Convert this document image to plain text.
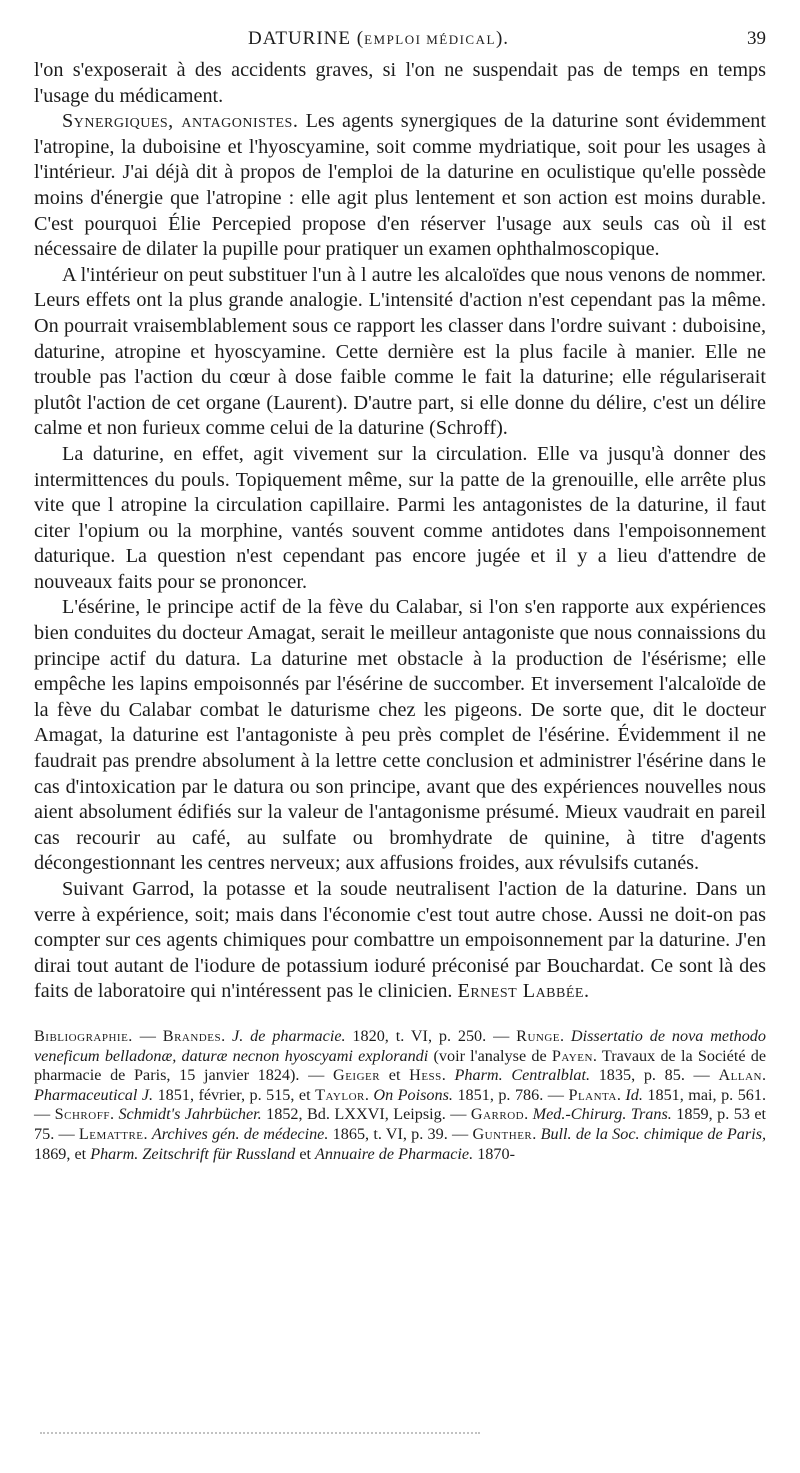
DATURINE (EMPLOI MÉDICAL).	39

l'on s'exposerait à des accidents graves, si l'on ne suspendait pas de temps en temps l'usage du médicament.

Synergiques, antagonistes. Les agents synergiques de la daturine sont évidemment l'atropine, la duboisine et l'hyoscyamine, soit comme mydriatique, soit pour les usages à l'intérieur. J'ai déjà dit à propos de l'emploi de la daturine en oculistique qu'elle possède moins d'énergie que l'atropine : elle agit plus lentement et son action est moins durable. C'est pourquoi Élie Percepied propose d'en réserver l'usage aux seuls cas où il est nécessaire de dilater la pupille pour pratiquer un examen ophthalmoscopique.

A l'intérieur on peut substituer l'un à l autre les alcaloïdes que nous venons de nommer. Leurs effets ont la plus grande analogie. L'intensité d'action n'est cependant pas la même. On pourrait vraisemblablement sous ce rapport les classer dans l'ordre suivant : duboisine, daturine, atropine et hyoscyamine. Cette dernière est la plus facile à manier. Elle ne trouble pas l'action du cœur à dose faible comme le fait la daturine; elle régulariserait plutôt l'action de cet organe (Laurent). D'autre part, si elle donne du délire, c'est un délire calme et non furieux comme celui de la daturine (Schroff).

La daturine, en effet, agit vivement sur la circulation. Elle va jusqu'à donner des intermittences du pouls. Topiquement même, sur la patte de la grenouille, elle arrête plus vite que l atropine la circulation capillaire. Parmi les antagonistes de la daturine, il faut citer l'opium ou la morphine, vantés souvent comme antidotes dans l'empoisonnement daturique. La question n'est cependant pas encore jugée et il y a lieu d'attendre de nouveaux faits pour se prononcer.

L'ésérine, le principe actif de la fève du Calabar, si l'on s'en rapporte aux expériences bien conduites du docteur Amagat, serait le meilleur antagoniste que nous connaissions du principe actif du datura. La daturine met obstacle à la production de l'ésérisme; elle empêche les lapins empoisonnés par l'ésérine de succomber. Et inversement l'alcaloïde de la fève du Calabar combat le daturisme chez les pigeons. De sorte que, dit le docteur Amagat, la daturine est l'antagoniste à peu près complet de l'ésérine. Évidemment il ne faudrait pas prendre absolument à la lettre cette conclusion et administrer l'ésérine dans le cas d'intoxication par le datura ou son principe, avant que des expériences nouvelles nous aient absolument édifiés sur la valeur de l'antagonisme présumé. Mieux vaudrait en pareil cas recourir au café, au sulfate ou bromhydrate de quinine, à titre d'agents décongestionnant les centres nerveux; aux affusions froides, aux révulsifs cutanés.

Suivant Garrod, la potasse et la soude neutralisent l'action de la daturine. Dans un verre à expérience, soit; mais dans l'économie c'est tout autre chose. Aussi ne doit-on pas compter sur ces agents chimiques pour combattre un empoisonnement par la daturine. J'en dirai tout autant de l'iodure de potassium ioduré préconisé par Bouchardat. Ce sont là des faits de laboratoire qui n'intéressent pas le clinicien. Ernest Labbée.

Bibliographie. — Brandes. J. de pharmacie. 1820, t. VI, p. 250. — Runge. Dissertatio de nova methodo veneficum belladonæ, daturæ necnon hyoscyami explorandi (voir l'analyse de Payen. Travaux de la Société de pharmacie de Paris, 15 janvier 1824). — Geiger et Hess. Pharm. Centralblat. 1835, p. 85. — Allan. Pharmaceutical J. 1851, février, p. 515, et Taylor. On Poisons. 1851, p. 786. — Planta. Id. 1851, mai, p. 561. — Schroff. Schmidt's Jahrbücher. 1852, Bd. LXXVI, Leipsig. — Garrod. Med.-Chirurg. Trans. 1859, p. 53 et 75. — Lemattre. Archives gén. de médecine. 1865, t. VI, p. 39. — Gunther. Bull. de la Soc. chimique de Paris, 1869, et Pharm. Zeitschrift für Russland et Annuaire de Pharmacie. 1870-
